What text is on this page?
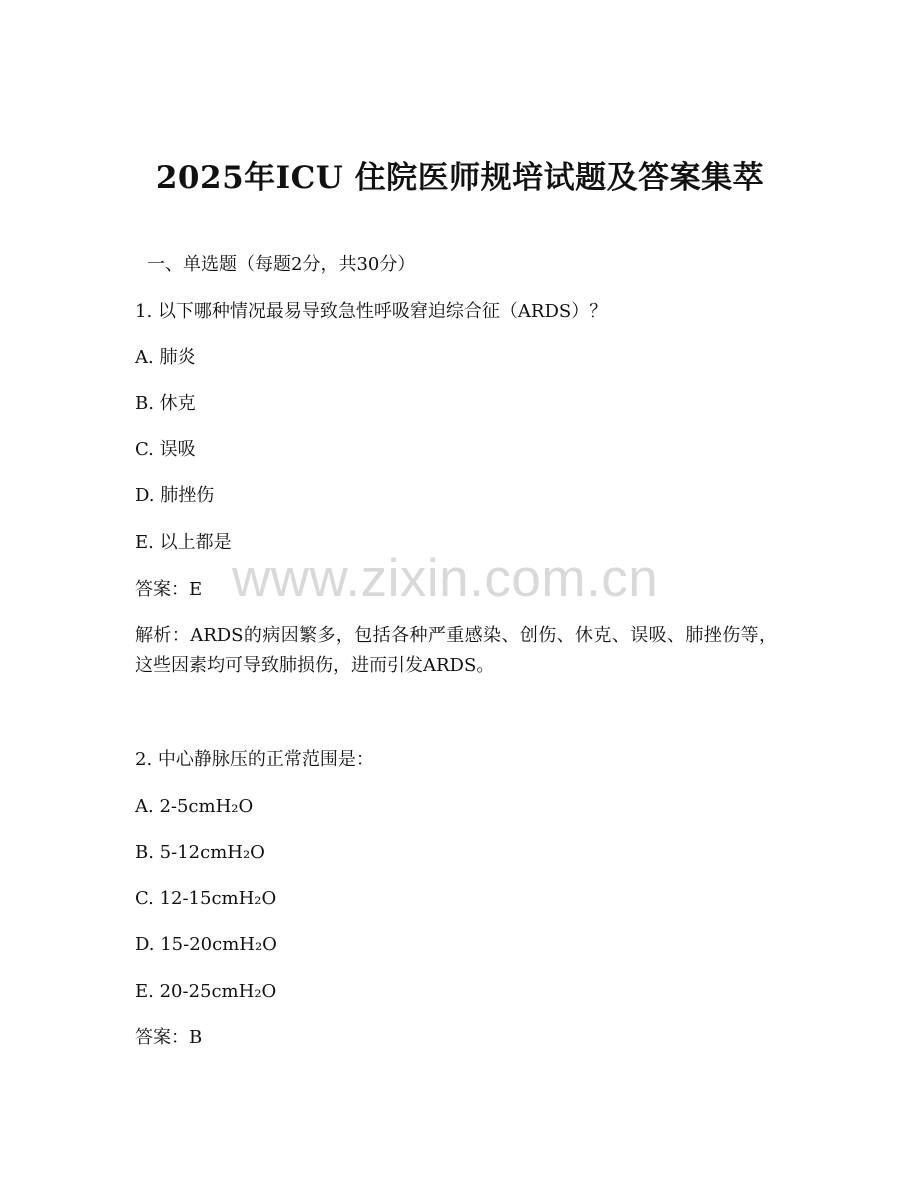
www.zixin.com.cn
2025年ICU 住院医师规培试题及答案集萃
一、单选题（每题2分，共30分）
1. 以下哪种情况最易导致急性呼吸窘迫综合征（ARDS）？
A. 肺炎
B. 休克
C. 误吸
D. 肺挫伤
E. 以上都是
答案：E
解析：ARDS的病因繁多，包括各种严重感染、创伤、休克、误吸、肺挫伤等，这些因素均可导致肺损伤，进而引发ARDS。
2. 中心静脉压的正常范围是：
A. 2-5cmH₂O
B. 5-12cmH₂O
C. 12-15cmH₂O
D. 15-20cmH₂O
E. 20-25cmH₂O
答案：B
